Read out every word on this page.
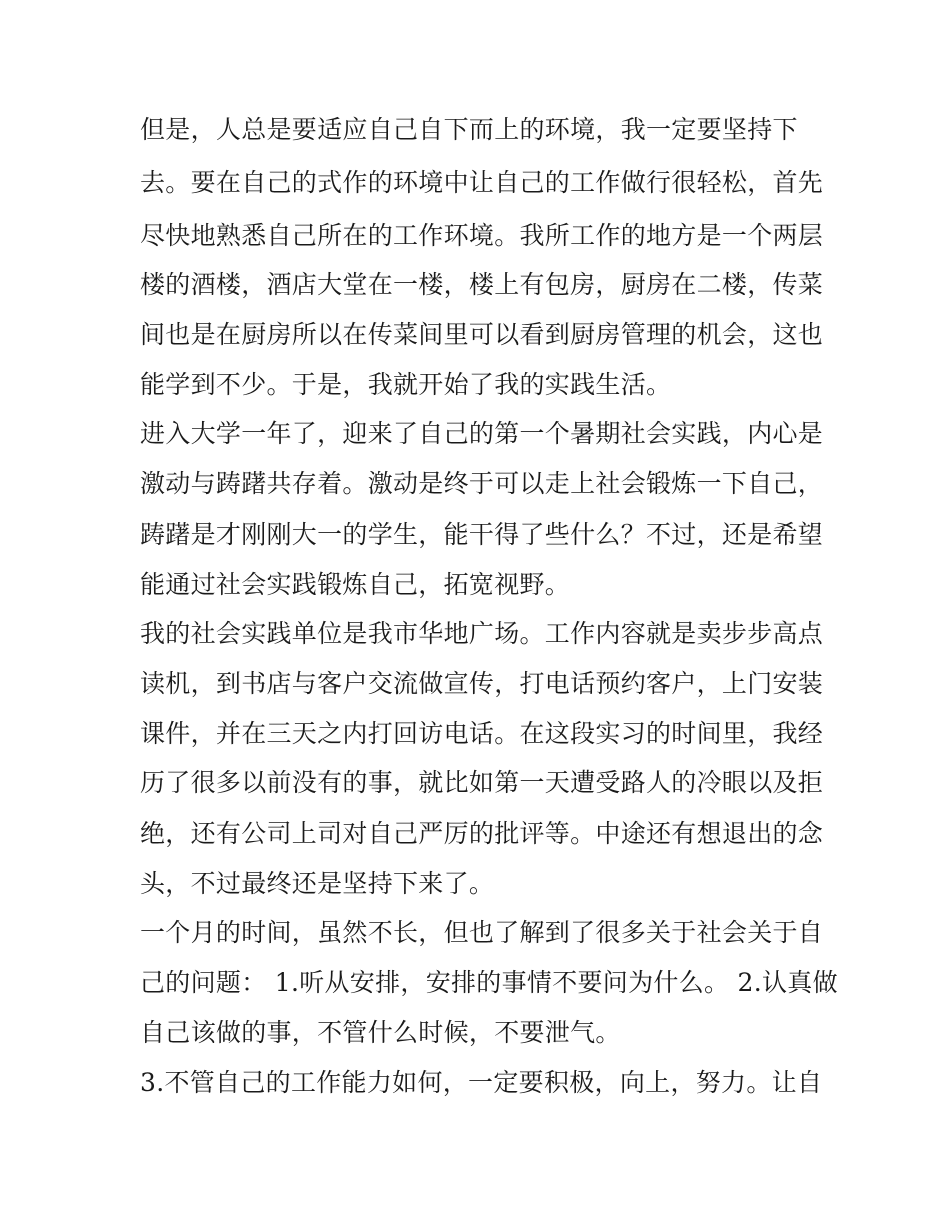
但是，人总是要适应自己自下而上的环境，我一定要坚持下
去。要在自己的式作的环境中让自己的工作做行很轻松，首先
尽快地熟悉自己所在的工作环境。我所工作的地方是一个两层
楼的酒楼，酒店大堂在一楼，楼上有包房，厨房在二楼，传菜
间也是在厨房所以在传菜间里可以看到厨房管理的机会，这也
能学到不少。于是，我就开始了我的实践生活。
进入大学一年了，迎来了自己的第一个暑期社会实践，内心是
激动与踌躇共存着。激动是终于可以走上社会锻炼一下自己，
踌躇是才刚刚大一的学生，能干得了些什么？不过，还是希望
能通过社会实践锻炼自己，拓宽视野。
我的社会实践单位是我市华地广场。工作内容就是卖步步高点
读机，到书店与客户交流做宣传，打电话预约客户，上门安装
课件，并在三天之内打回访电话。在这段实习的时间里，我经
历了很多以前没有的事，就比如第一天遭受路人的冷眼以及拒
绝，还有公司上司对自己严厉的批评等。中途还有想退出的念
头，不过最终还是坚持下来了。
一个月的时间，虽然不长，但也了解到了很多关于社会关于自
己的问题： 1.听从安排，安排的事情不要问为什么。 2.认真做
自己该做的事，不管什么时候，不要泄气。
3.不管自己的工作能力如何，一定要积极，向上，努力。让自
